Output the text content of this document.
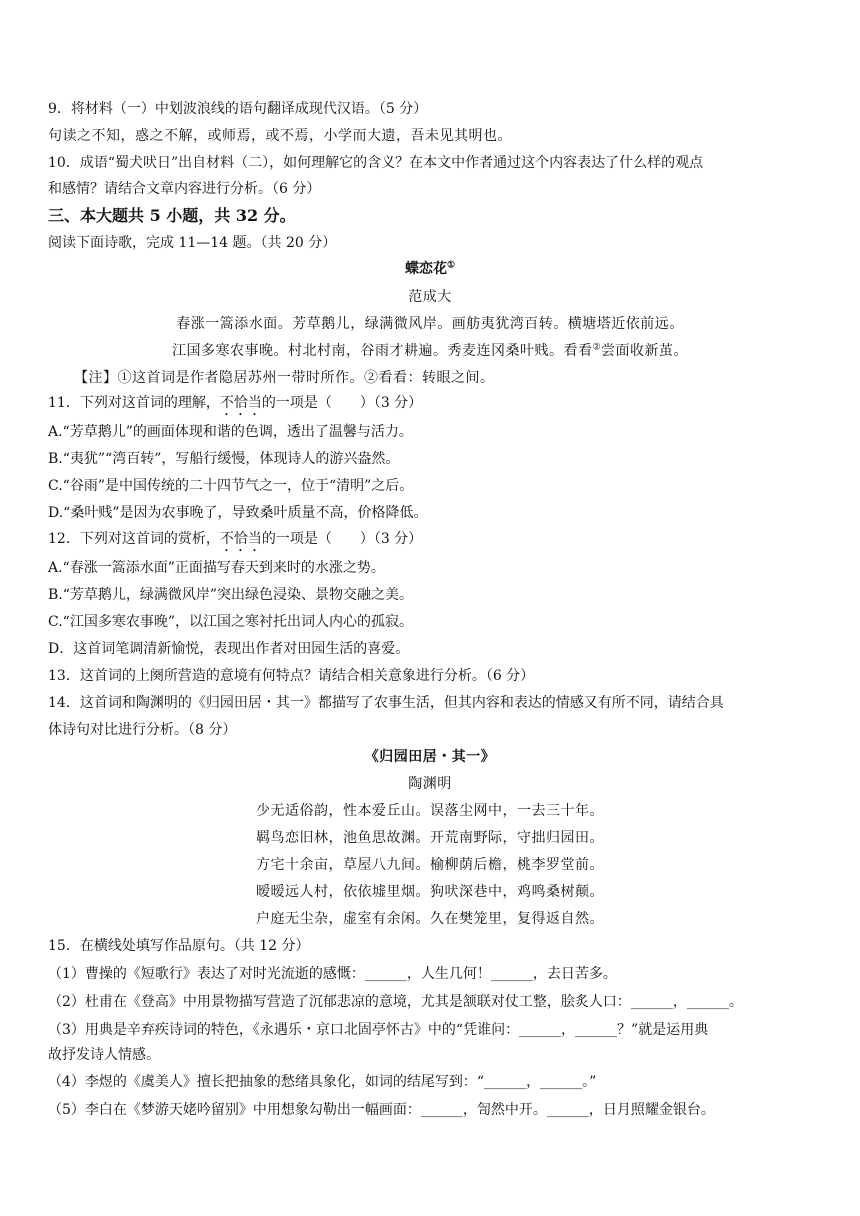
9．将材料（一）中划波浪线的语句翻译成现代汉语。（5 分）
句读之不知，惑之不解，或师焉，或不焉，小学而大遗，吾未见其明也。
10．成语“蜀犬吠日”出自材料（二），如何理解它的含义？在本文中作者通过这个内容表达了什么样的观点
和感情？请结合文章内容进行分析。（6 分）
三、本大题共 5 小题，共 32 分。
阅读下面诗歌，完成 11—14 题。（共 20 分）
蝶恋花①
范成大
春涨一篙添水面。芳草鹅儿，绿满微风岸。画舫夷犹湾百转。横塘塔近依前远。
江国多寒农事晚。村北村南，谷雨才耕遍。秀麦连冈桑叶贱。看看②尝面收新茧。
【注】①这首词是作者隐居苏州一带时所作。②看看：转眼之间。
11．下列对这首词的理解，不恰当的一项是（　　）（3 分）
A.“芳草鹅儿”的画面体现和谐的色调，透出了温馨与活力。
B.“夷犹”“湾百转”，写船行缓慢，体现诗人的游兴盎然。
C.“谷雨”是中国传统的二十四节气之一，位于“清明”之后。
D.“桑叶贱”是因为农事晚了，导致桑叶质量不高，价格降低。
12．下列对这首词的赏析，不恰当的一项是（　　）（3 分）
A.“春涨一篙添水面”正面描写春天到来时的水涨之势。
B.“芳草鹅儿，绿满微风岸”突出绿色浸染、景物交融之美。
C.“江国多寒农事晚”，以江国之寒衬托出词人内心的孤寂。
D．这首词笔调清新愉悦，表现出作者对田园生活的喜爱。
13．这首词的上阕所营造的意境有何特点？请结合相关意象进行分析。（6 分）
14．这首词和陶渊明的《归园田居・其一》都描写了农事生活，但其内容和表达的情感又有所不同，请结合具
体诗句对比进行分析。（8 分）
《归园田居・其一》
陶渊明
少无适俗韵，性本爱丘山。误落尘网中，一去三十年。
羁鸟恋旧林，池鱼思故渊。开荒南野际，守拙归园田。
方宅十余亩，草屋八九间。榆柳荫后檐，桃李罗堂前。
暧暧远人村，依依墟里烟。狗吠深巷中，鸡鸣桑树颠。
户庭无尘杂，虚室有余闲。久在樊笼里，复得返自然。
15．在横线处填写作品原句。（共 12 分）
（1）曹操的《短歌行》表达了对时光流逝的感慨：______，人生几何！______，去日苦多。
（2）杜甫在《登高》中用景物描写营造了沉郁悲凉的意境，尤其是颔联对仗工整，脍炙人口：______，______。
（3）用典是辛弃疾诗词的特色，《永遇乐・京口北固亭怀古》中的“凭谁问：______，______？”就是运用典
故抒发诗人情感。
（4）李煜的《虞美人》擅长把抽象的愁绪具象化，如词的结尾写到：“______，______。”
（5）李白在《梦游天姥吟留别》中用想象勾勒出一幅画面：______，訇然中开。______，日月照耀金银台。
